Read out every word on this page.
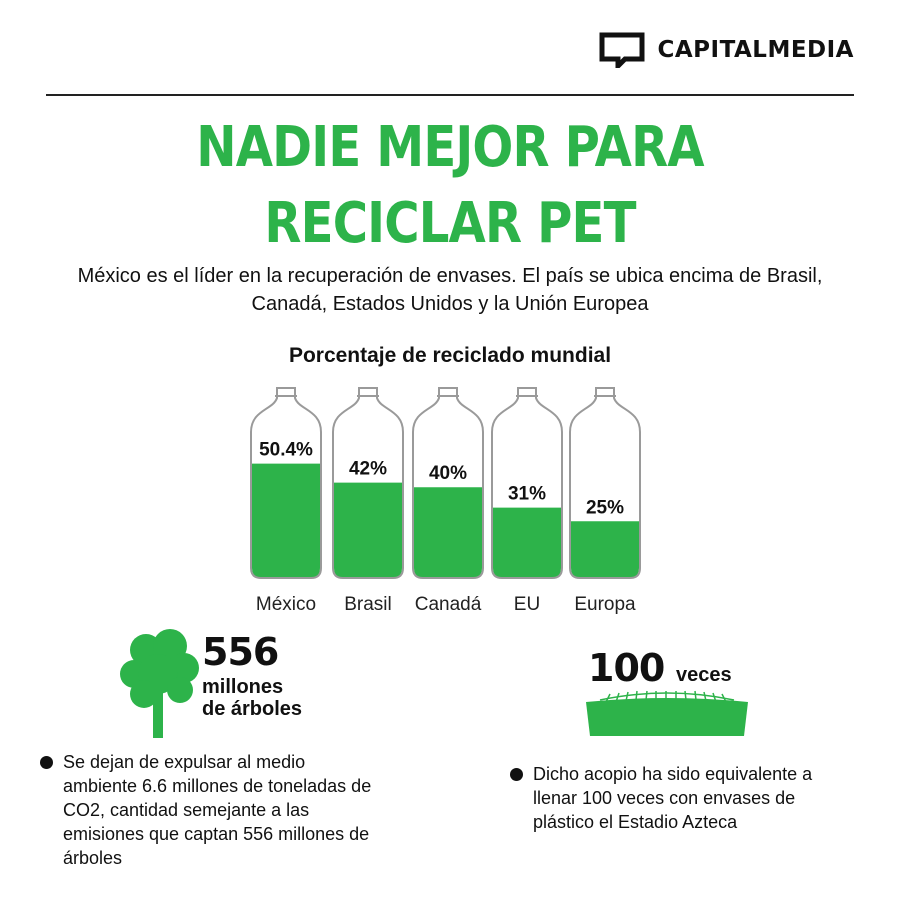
CAPITALMEDIA
NADIE MEJOR PARA
RECICLAR PET
México es el líder en la recuperación de envases. El país se ubica encima de Brasil, Canadá, Estados Unidos y la Unión Europea
Porcentaje de reciclado mundial
50.4%
México
42%
Brasil
40%
Canadá
31%
EU
25%
Europa
556
millones
de árboles
Se dejan de expulsar al medio ambiente 6.6 millones de toneladas de CO2, cantidad semejante a las emisiones que captan 556 millones de árboles
100 veces
Dicho acopio ha sido equivalente a llenar 100 veces con envases de plástico el Estadio Azteca
